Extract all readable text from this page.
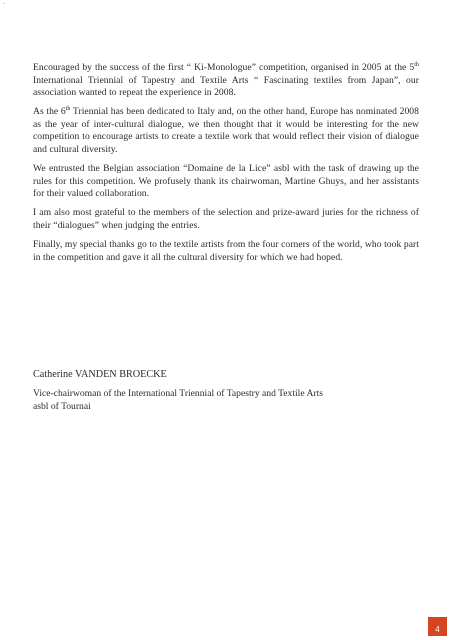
-

Encouraged by the success of the first “ Ki-Monologue” competition, organised in 2005 at the 5th International Triennial of Tapestry and Textile Arts “ Fascinating textiles from Japan”, our association wanted to repeat the experience in 2008.

As the 6th Triennial has been dedicated to Italy and, on the other hand, Europe has nominated 2008 as the year of inter-cultural dialogue, we then thought that it would be interesting for the new competition to encourage artists to create a textile work that would reflect their vision of dialogue and cultural diversity.

We entrusted the Belgian association “Domaine de la Lice” asbl with the task of drawing up the rules for this competition. We profusely thank its chairwoman, Martine Ghuys, and her assistants for their valued collaboration.

I am also most grateful to the members of the selection and prize-award juries for the richness of their “dialogues” when judging the entries.

Finally, my special thanks go to the textile artists from the four corners of the world, who took part in the competition and gave it all the cultural diversity for which we had hoped.

Catherine VANDEN BROECKE

Vice-chairwoman of the International Triennial of Tapestry and Textile Arts

asbl of Tournai

4
